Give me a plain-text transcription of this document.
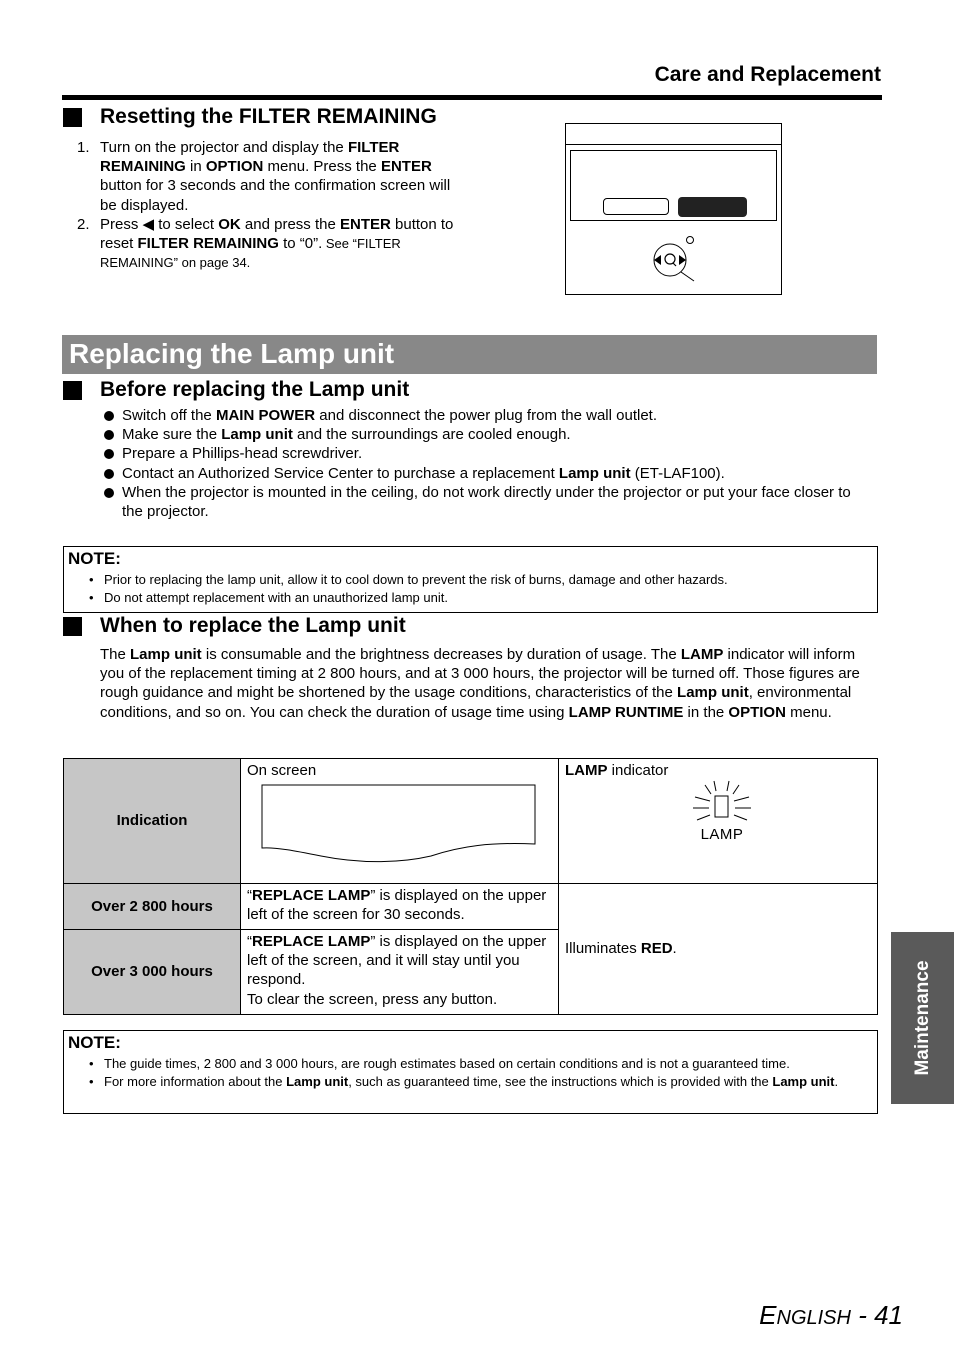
Care and Replacement
Resetting the FILTER REMAINING
1. Turn on the projector and display the FILTER REMAINING in OPTION menu. Press the ENTER button for 3 seconds and the confirmation screen will be displayed.
2. Press ◀ to select OK and press the ENTER button to reset FILTER REMAINING to “0”. See “FILTER REMAINING” on page 34.
Replacing the Lamp unit
Before replacing the Lamp unit
Switch off the MAIN POWER and disconnect the power plug from the wall outlet.
Make sure the Lamp unit and the surroundings are cooled enough.
Prepare a Phillips-head screwdriver.
Contact an Authorized Service Center to purchase a replacement Lamp unit (ET-LAF100).
When the projector is mounted in the ceiling, do not work directly under the projector or put your face closer to the projector.
NOTE:
• Prior to replacing the lamp unit, allow it to cool down to prevent the risk of burns, damage and other hazards.
• Do not attempt replacement with an unauthorized lamp unit.
When to replace the Lamp unit

The Lamp unit is consumable and the brightness decreases by duration of usage. The LAMP indicator will inform you of the replacement timing at 2 800 hours, and at 3 000 hours, the projector will be turned off. Those figures are rough guidance and might be shortened by the usage conditions, characteristics of the Lamp unit, environmental conditions, and so on. You can check the duration of usage time using LAMP RUNTIME in the OPTION menu.

Indication	On screen	LAMP indicator
LAMP

Over 2 800 hours	“REPLACE LAMP” is displayed on the upper left of the screen for 30 seconds.	Illuminates RED.
Over 3 000 hours	“REPLACE LAMP” is displayed on the upper left of the screen, and it will stay until you respond.
To clear the screen, press any button.	
NOTE:
• The guide times, 2 800 and 3 000 hours, are rough estimates based on certain conditions and is not a guaranteed time.
• For more information about the Lamp unit, such as guaranteed time, see the instructions which is provided with the Lamp unit.
Maintenance
ENGLISH - 41
